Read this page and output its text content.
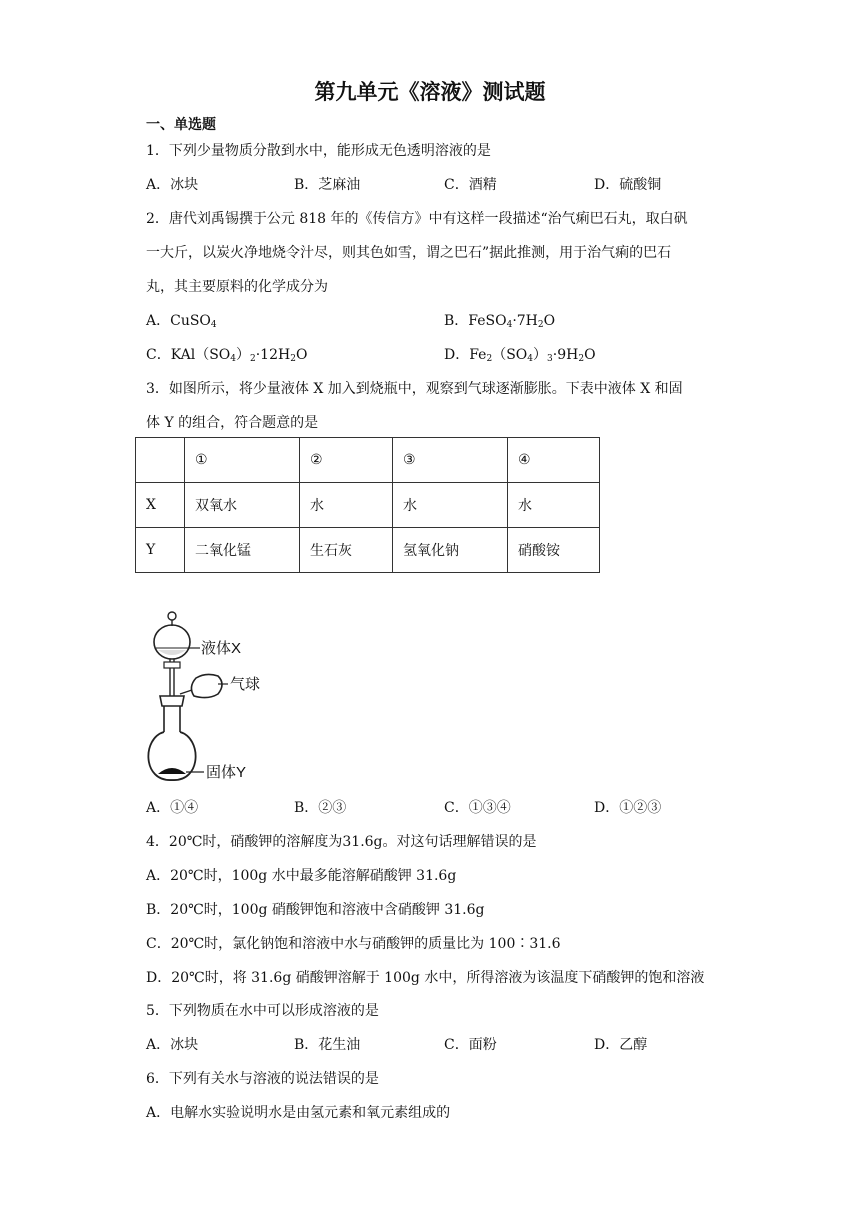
第九单元《溶液》测试题
一、单选题
1．下列少量物质分散到水中，能形成无色透明溶液的是
A．冰块	B．芝麻油	C．酒精	D．硫酸铜
2．唐代刘禹锡撰于公元 818 年的《传信方》中有这样一段描述“治气痢巴石丸，取白矾
一大斤，以炭火净地烧令汁尽，则其色如雪，谓之巴石”据此推测，用于治气痢的巴石
丸，其主要原料的化学成分为
A．CuSO$_4$	B．$FeSO_4\cdot 7H_2O$
C．$KAl(SO_4)_2\cdot 12H_2O$	D．$Fe_2(SO_4)_3\cdot 9H_2O$
3．如图所示，将少量液体 X 加入到烧瓶中，观察到气球逐渐膨胀。下表中液体 X 和固
体 Y 的组合，符合题意的是
	①	②	③	④
X	双氧水	水	水	水
Y	二氧化锰	生石灰	氢氧化钠	硝酸铵
液体X
气球
固体Y
A．①④	B．②③	C．①③④	D．①②③
4．20℃时，硝酸钾的溶解度为31.6g。对这句话理解错误的是
A．20℃时，100g 水中最多能溶解硝酸钾 31.6g
B．20℃时，100g 硝酸钾饱和溶液中含硝酸钾 31.6g
C．20℃时，氯化钠饱和溶液中水与硝酸钾的质量比为 100∶31.6
D．20℃时，将 31.6g 硝酸钾溶解于 100g 水中，所得溶液为该温度下硝酸钾的饱和溶液
5．下列物质在水中可以形成溶液的是
A．冰块	B．花生油	C．面粉	D．乙醇
6．下列有关水与溶液的说法错误的是
A．电解水实验说明水是由氢元素和氧元素组成的
